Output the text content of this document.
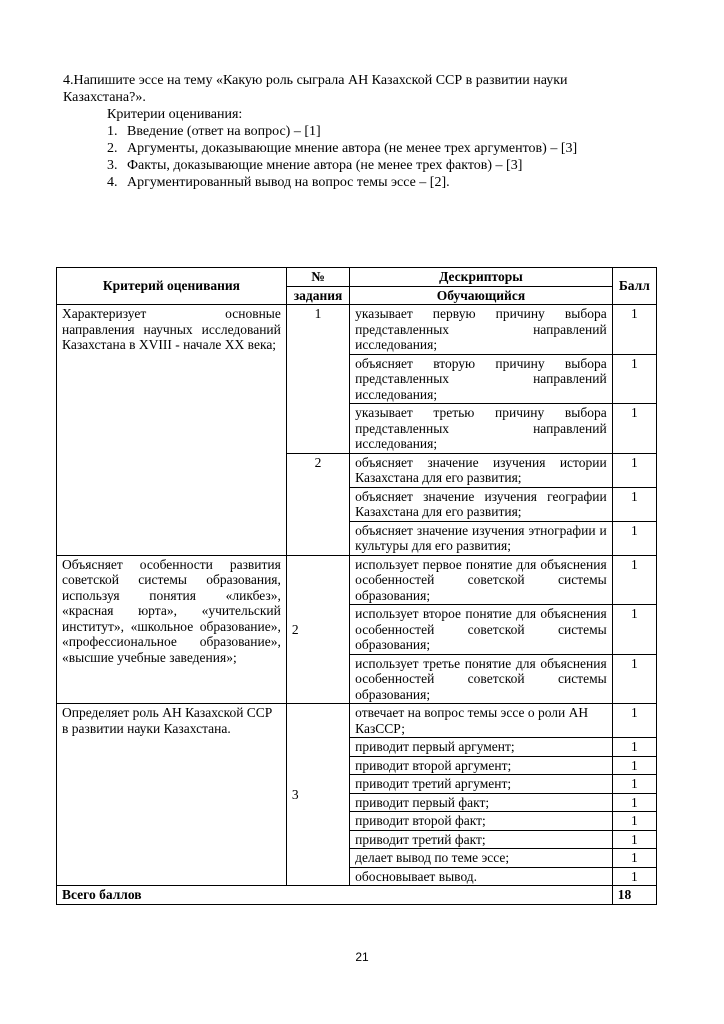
4.Напишите эссе на тему «Какую роль сыграла АН Казахской ССР в развитии науки
Казахстана?».
Критерии оценивания:
1. Введение (ответ на вопрос) – [1]
2. Аргументы, доказывающие мнение автора (не менее трех аргументов) – [3]
3. Факты, доказывающие мнение автора (не менее трех фактов) – [3]
4. Аргументированный вывод на вопрос темы эссе – [2].
Критерий оценивания	№	Дескрипторы	Балл
	задания	Обучающийся	
Характеризует основные направления научных исследований Казахстана в XVIII - начале XX века;	1	указывает первую причину выбора представленных направлений исследования;	1
		объясняет вторую причину выбора представленных направлений исследования;	1
		указывает третью причину выбора представленных направлений исследования;	1
	2	объясняет значение изучения истории Казахстана для его развития;	1
		объясняет значение изучения географии Казахстана для его развития;	1
		объясняет значение изучения этнографии и культуры для его развития;	1
Объясняет особенности развития советской системы образования, используя понятия «ликбез», «красная юрта», «учительский институт», «школьное образование», «профессиональное образование», «высшие учебные заведения»;	2	использует первое понятие для объяснения особенностей советской системы образования;	1
		использует второе понятие для объяснения особенностей советской системы образования;	1
		использует третье понятие для объяснения особенностей советской системы образования;	1
Определяет роль АН Казахской ССР в развитии науки Казахстана.	3	отвечает на вопрос темы эссе о роли АН КазССР;	1
		приводит первый аргумент;	1
		приводит второй аргумент;	1
		приводит третий аргумент;	1
		приводит первый факт;	1
		приводит второй факт;	1
		приводит третий факт;	1
		делает вывод по теме эссе;	1
		обосновывает вывод.	1
Всего баллов			18
21
